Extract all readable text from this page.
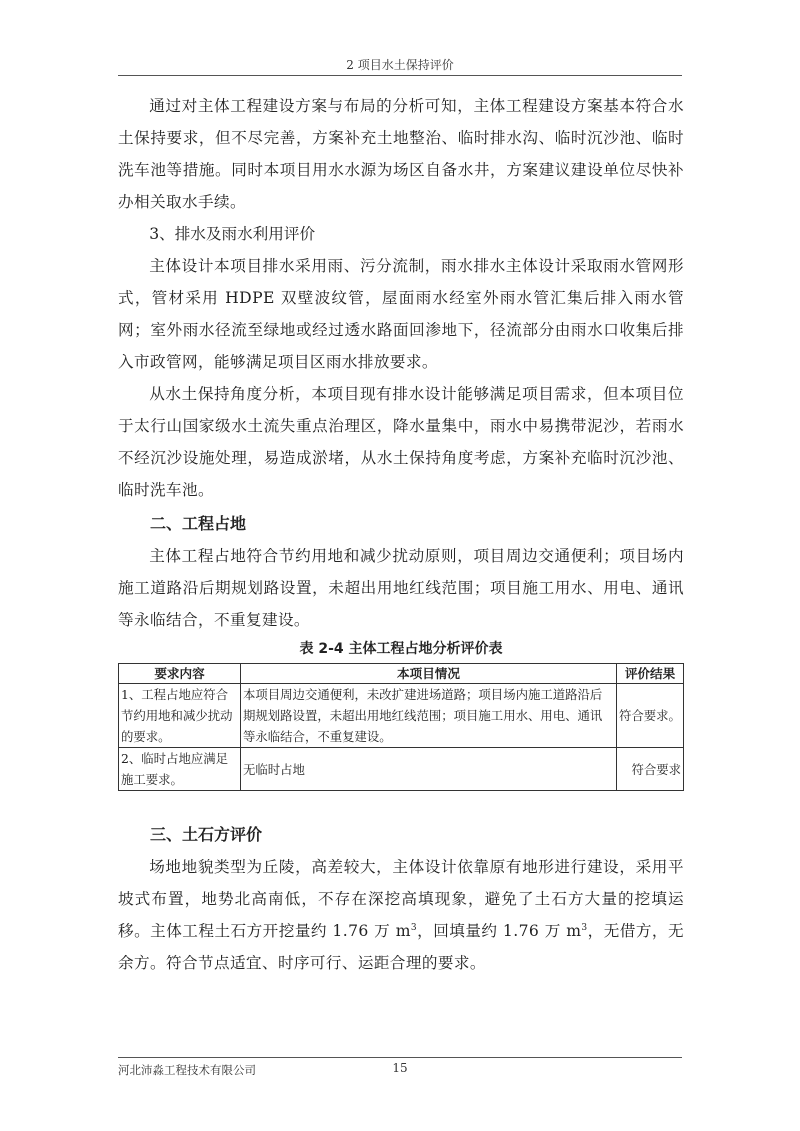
2 项目水土保持评价

通过对主体工程建设方案与布局的分析可知，主体工程建设方案基本符合水土保持要求，但不尽完善，方案补充土地整治、临时排水沟、临时沉沙池、临时洗车池等措施。同时本项目用水水源为场区自备水井，方案建议建设单位尽快补办相关取水手续。

3、排水及雨水利用评价

主体设计本项目排水采用雨、污分流制，雨水排水主体设计采取雨水管网形式，管材采用 HDPE 双壁波纹管，屋面雨水经室外雨水管汇集后排入雨水管网；室外雨水径流至绿地或经过透水路面回渗地下，径流部分由雨水口收集后排入市政管网，能够满足项目区雨水排放要求。

从水土保持角度分析，本项目现有排水设计能够满足项目需求，但本项目位于太行山国家级水土流失重点治理区，降水量集中，雨水中易携带泥沙，若雨水不经沉沙设施处理，易造成淤堵，从水土保持角度考虑，方案补充临时沉沙池、临时洗车池。

二、工程占地

主体工程占地符合节约用地和减少扰动原则，项目周边交通便利；项目场内施工道路沿后期规划路设置，未超出用地红线范围；项目施工用水、用电、通讯等永临结合，不重复建设。

表 2-4 主体工程占地分析评价表
要求内容	本项目情况	评价结果
1、工程占地应符合节约用地和减少扰动的要求。	本项目周边交通便利，未改扩建进场道路；项目场内施工道路沿后期规划路设置，未超出用地红线范围；项目施工用水、用电、通讯等永临结合，不重复建设。	符合要求。
2、临时占地应满足施工要求。	无临时占地	符合要求

三、土石方评价

场地地貌类型为丘陵，高差较大，主体设计依靠原有地形进行建设，采用平坡式布置，地势北高南低，不存在深挖高填现象，避免了土石方大量的挖填运移。主体工程土石方开挖量约 1.76 万 $m^3$，回填量约 1.76 万 $m^3$，无借方，无余方。符合节点适宜、时序可行、运距合理的要求。

河北沛淼工程技术有限公司	15
